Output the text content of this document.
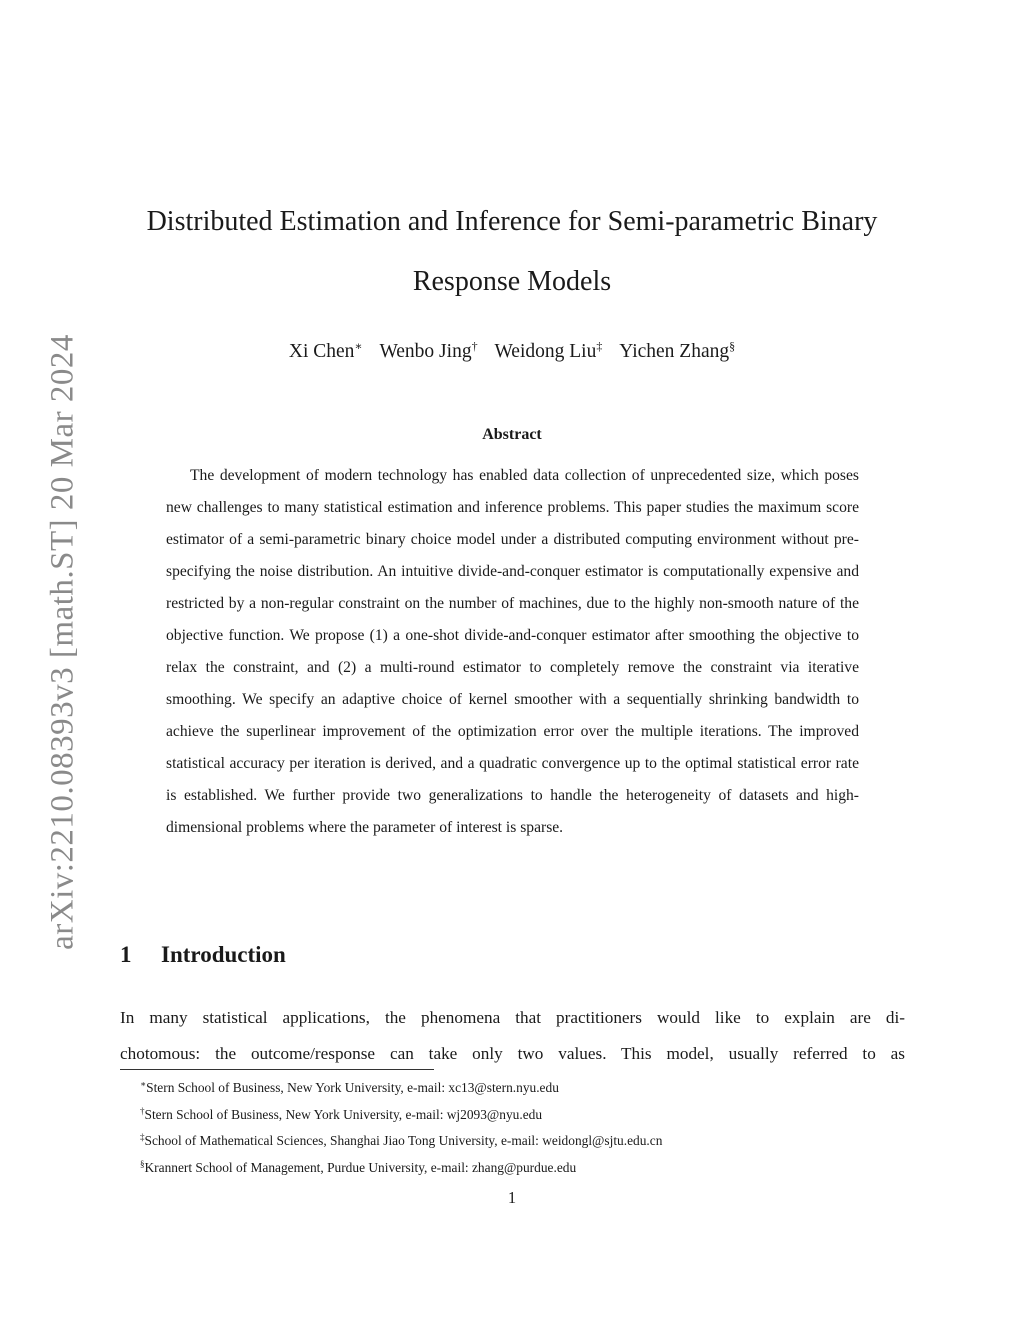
arXiv:2210.08393v3 [math.ST] 20 Mar 2024
Distributed Estimation and Inference for Semi-parametric Binary
Response Models
Xi Chen∗ Wenbo Jing† Weidong Liu‡ Yichen Zhang§
Abstract
The development of modern technology has enabled data collection of unprecedented size, which poses new challenges to many statistical estimation and inference problems. This paper studies the maximum score estimator of a semi-parametric binary choice model under a distributed computing environment without pre-specifying the noise distribution. An intuitive divide-and-conquer estimator is computationally expensive and restricted by a non-regular constraint on the number of machines, due to the highly non-smooth nature of the objective function. We propose (1) a one-shot divide-and-conquer estimator after smoothing the objective to relax the constraint, and (2) a multi-round estimator to completely remove the constraint via iterative smoothing. We specify an adaptive choice of kernel smoother with a sequentially shrinking bandwidth to achieve the superlinear improvement of the optimization error over the multiple iterations. The improved statistical accuracy per iteration is derived, and a quadratic convergence up to the optimal statistical error rate is established. We further provide two generalizations to handle the heterogeneity of datasets and high-dimensional problems where the parameter of interest is sparse.
1 Introduction
In many statistical applications, the phenomena that practitioners would like to explain are di-
chotomous: the outcome/response can take only two values. This model, usually referred to as
∗Stern School of Business, New York University, e-mail: xc13@stern.nyu.edu
†Stern School of Business, New York University, e-mail: wj2093@nyu.edu
‡School of Mathematical Sciences, Shanghai Jiao Tong University, e-mail: weidongl@sjtu.edu.cn
§Krannert School of Management, Purdue University, e-mail: zhang@purdue.edu
1
